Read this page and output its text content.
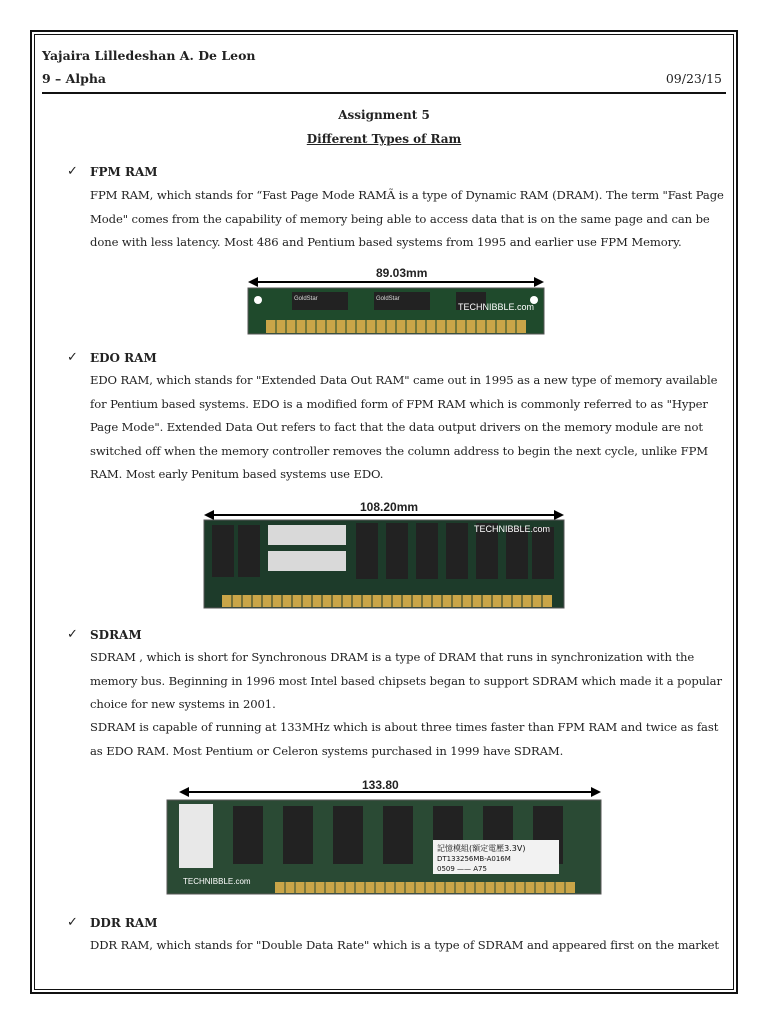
Yajaira Lilledeshan A. De Leon
9 – Alpha	09/23/15
Assignment 5
Different Types of Ram
✓ FPM RAM
FPM RAM, which stands for “Fast Page Mode RAMÃ is a type of Dynamic RAM (DRAM). The term "Fast Page Mode" comes from the capability of memory being able to access data that is on the same page and can be done with less latency. Most 486 and Pentium based systems from 1995 and earlier use FPM Memory.
89.03mm
GoldStar	GoldStar
TECHNIBBLE.com
✓ EDO RAM
EDO RAM, which stands for "Extended Data Out RAM" came out in 1995 as a new type of memory available for Pentium based systems. EDO is a modified form of FPM RAM which is commonly referred to as "Hyper Page Mode". Extended Data Out refers to fact that the data output drivers on the memory module are not switched off when the memory controller removes the column address to begin the next cycle, unlike FPM RAM. Most early Penitum based systems use EDO.
108.20mm
TECHNIBBLE.com
✓ SDRAM
SDRAM , which is short for Synchronous DRAM is a type of DRAM that runs in synchronization with the memory bus. Beginning in 1996 most Intel based chipsets began to support SDRAM which made it a popular choice for new systems in 2001.
SDRAM is capable of running at 133MHz which is about three times faster than FPM RAM and twice as fast as EDO RAM. Most Pentium or Celeron systems purchased in 1999 have SDRAM.
133.80
記憶模組(額定電壓3.3V)
DT133256MB-A016M
0509 —— A75
TECHNIBBLE.com
✓ DDR RAM
DDR RAM, which stands for "Double Data Rate" which is a type of SDRAM and appeared first on the market
